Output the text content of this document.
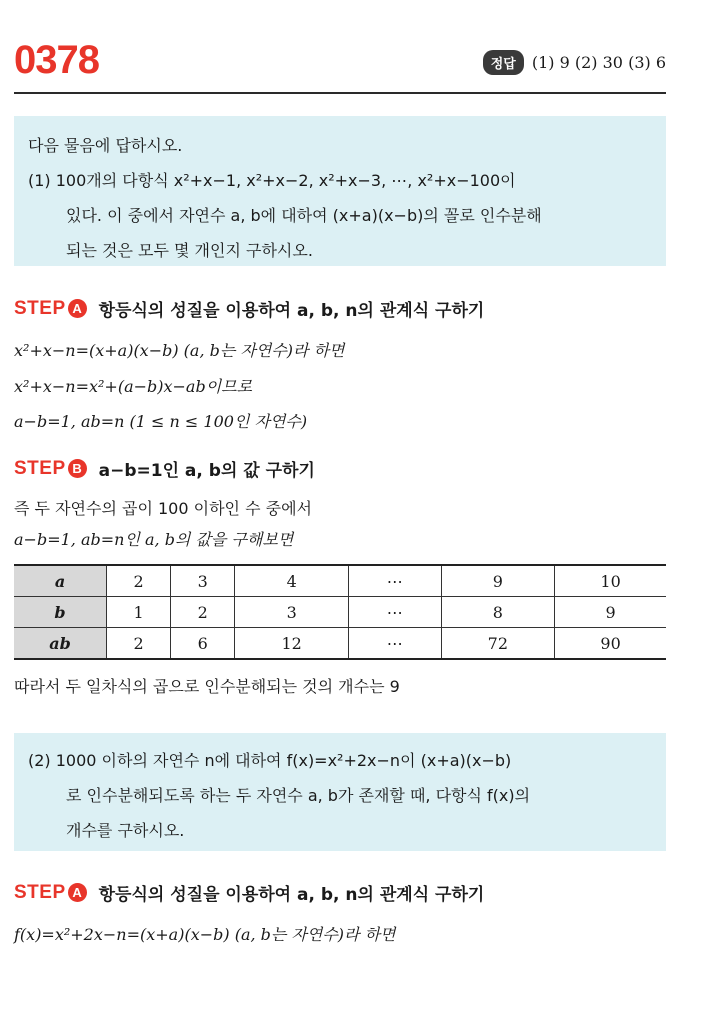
0378	정답	(1) 9 (2) 30 (3) 6

다음 물음에 답하시오.

(1) 100개의 다항식 x²+x−1, x²+x−2, x²+x−3, ⋯, x²+x−100이

있다. 이 중에서 자연수 a, b에 대하여 (x+a)(x−b)의 꼴로 인수분해

되는 것은 모두 몇 개인지 구하시오.

STEP A 항등식의 성질을 이용하여 a, b, n의 관계식 구하기
x²+x−n=(x+a)(x−b) (a, b는 자연수)라 하면
x²+x−n=x²+(a−b)x−ab이므로
a−b=1, ab=n (1 ≤ n ≤ 100인 자연수)
STEP B a−b=1인 a, b의 값 구하기
즉 두 자연수의 곱이 100 이하인 수 중에서
a−b=1, ab=n인 a, b의 값을 구해보면
a	2	3	4	⋯	9	10
b	1	2	3	⋯	8	9
ab	2	6	12	⋯	72	90
따라서 두 일차식의 곱으로 인수분해되는 것의 개수는 9

(2) 1000 이하의 자연수 n에 대하여 f(x)=x²+2x−n이 (x+a)(x−b)

로 인수분해되도록 하는 두 자연수 a, b가 존재할 때, 다항식 f(x)의

개수를 구하시오.

STEP A 항등식의 성질을 이용하여 a, b, n의 관계식 구하기
f(x)=x²+2x−n=(x+a)(x−b) (a, b는 자연수)라 하면
